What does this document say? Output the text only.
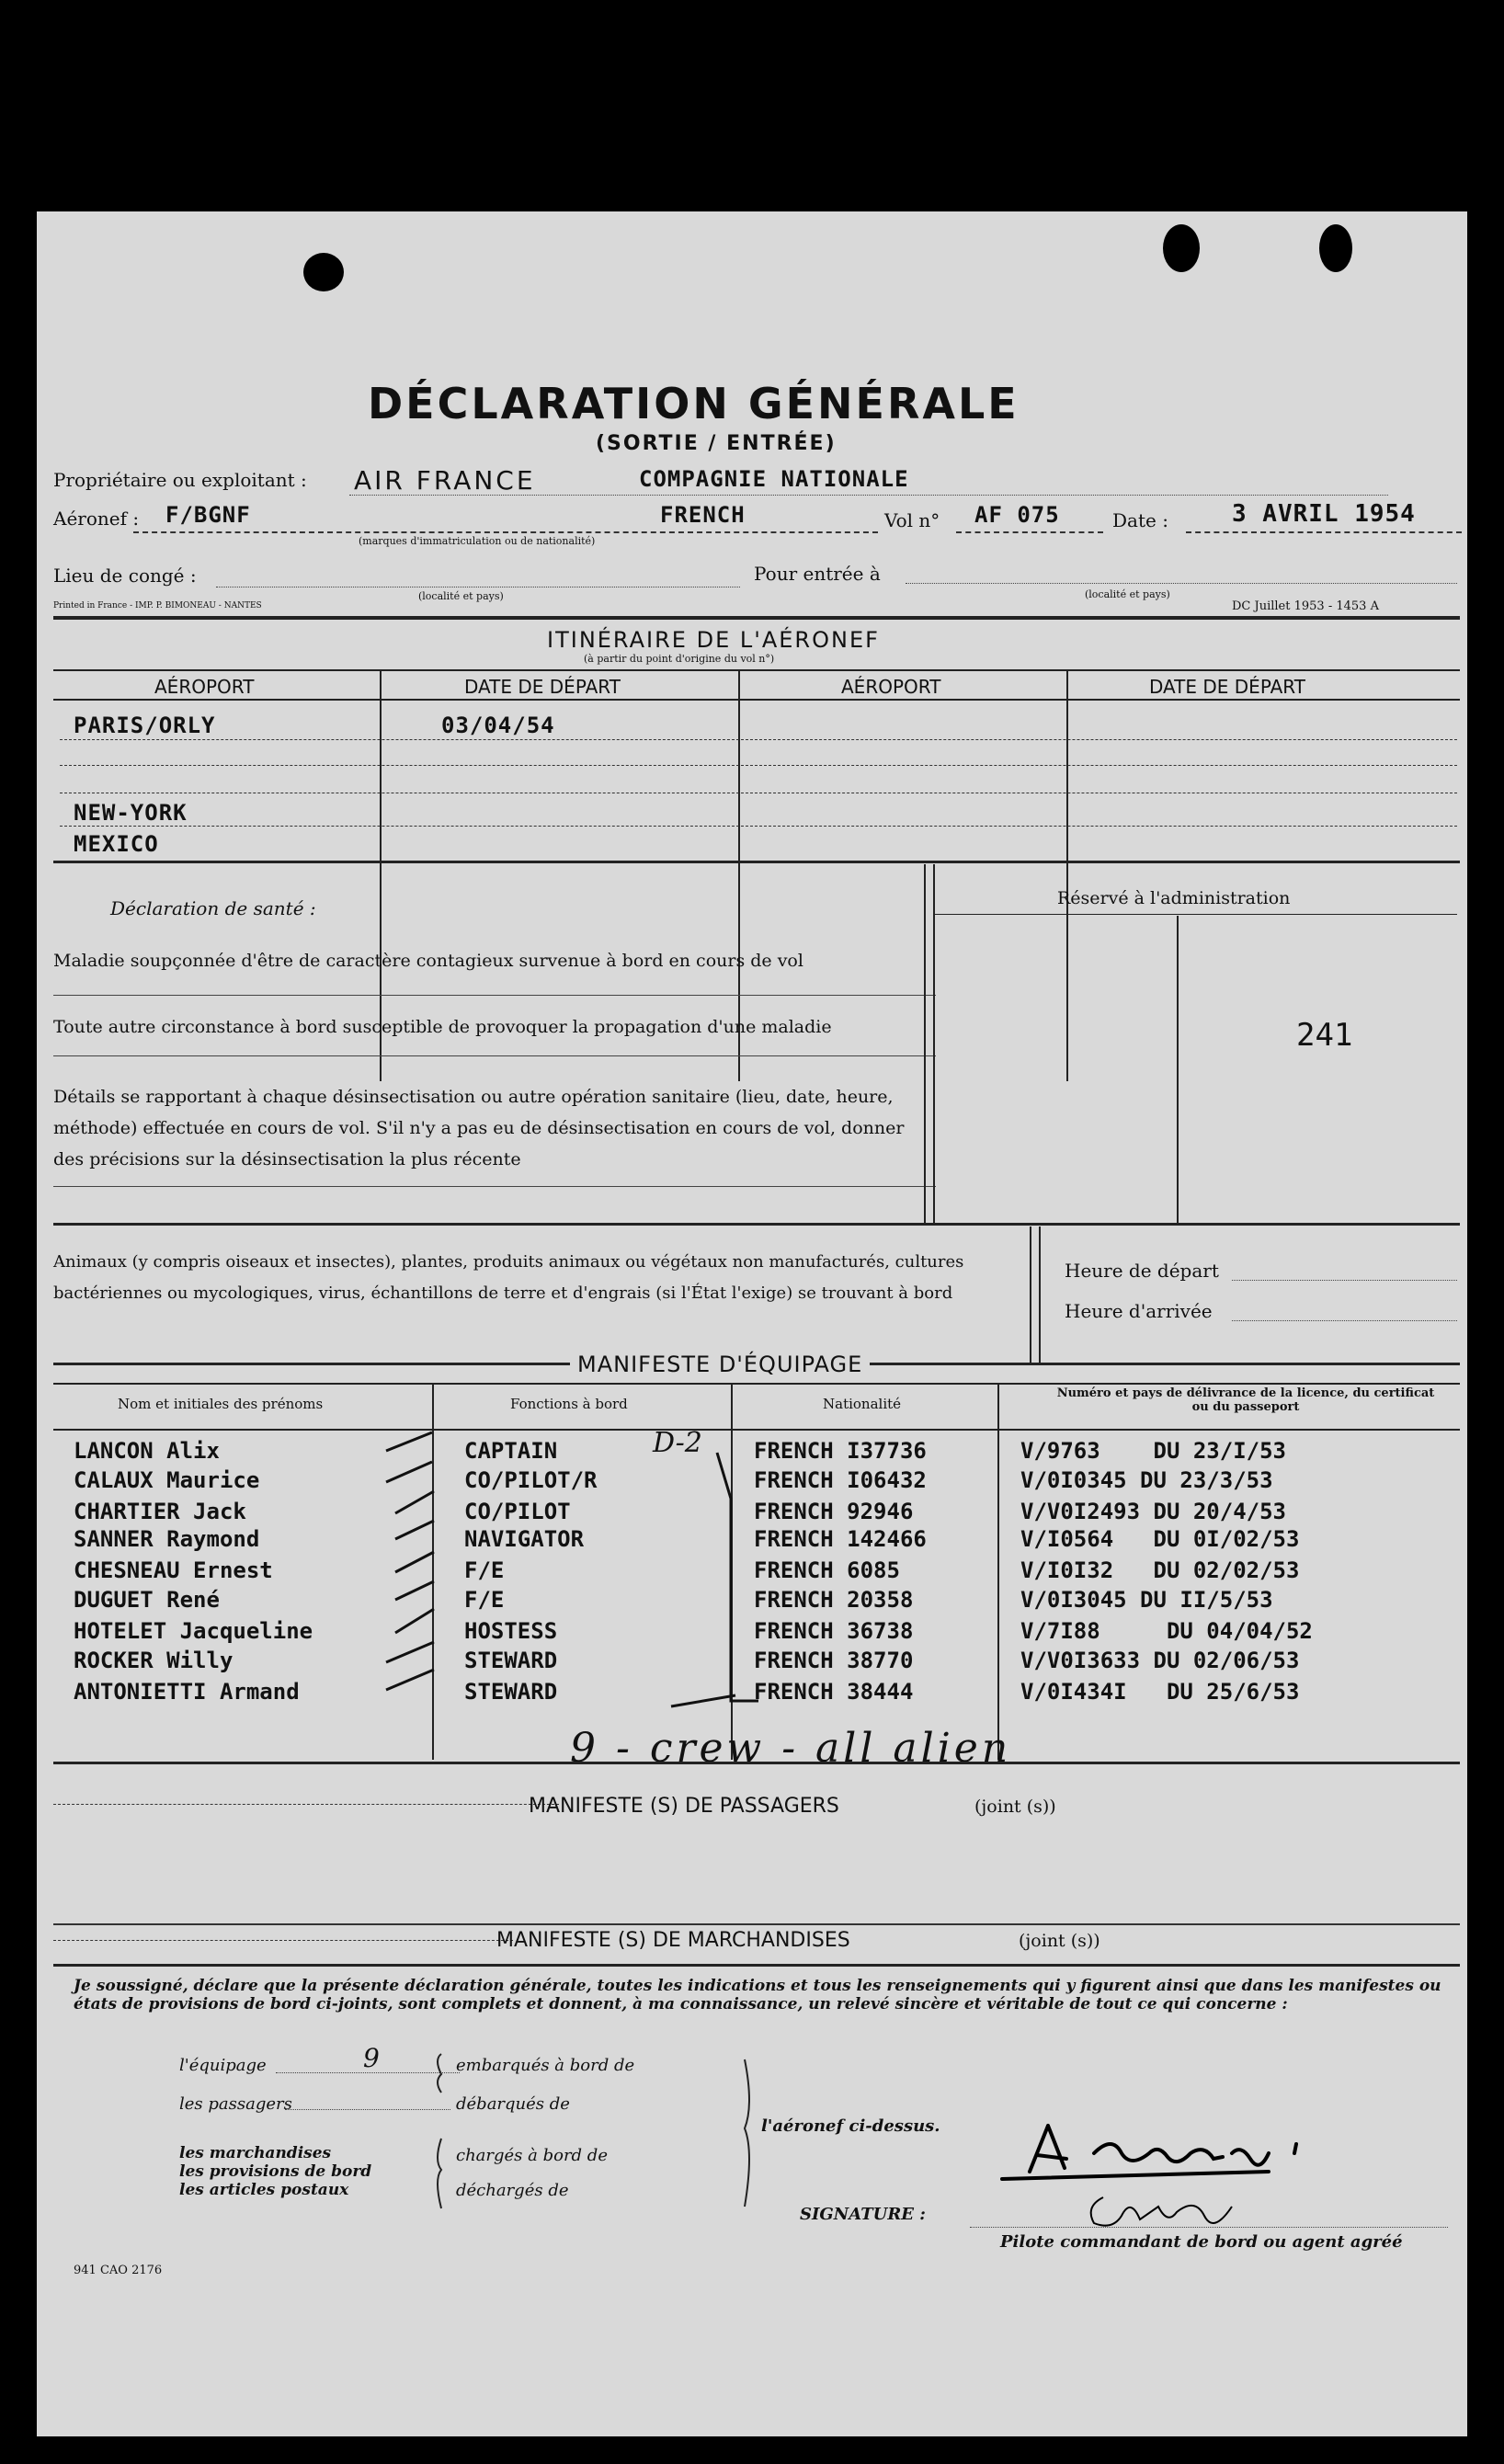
DÉCLARATION GÉNÉRALE
(SORTIE / ENTRÉE)
Propriétaire ou exploitant : AIR FRANCE	COMPAGNIE NATIONALE
Aéronef : F/BGNF	FRENCH
(marques d'immatriculation ou de nationalité)
Vol n° AF 075	Date :	3 AVRIL 1954
Lieu de congé :
(localité et pays)
Pour entrée à
(localité et pays)
Printed in France - IMP. P. BIMONEAU - NANTES	DC Juillet 1953 - 1453 A
ITINÉRAIRE DE L'AÉRONEF
(à partir du point d'origine du vol n°)
AÉROPORT	DATE DE DÉPART	AÉROPORT	DATE DE DÉPART
PARIS/ORLY	03/04/54
NEW-YORK
MEXICO
Déclaration de santé :
Maladie soupçonnée d'être de caractère contagieux survenue à bord en cours de vol
Toute autre circonstance à bord susceptible de provoquer la propagation d'une maladie
Détails se rapportant à chaque désinsectisation ou autre opération sanitaire (lieu, date, heure, méthode) effectuée en cours de vol. S'il n'y a pas eu de désinsectisation en cours de vol, donner des précisions sur la désinsectisation la plus récente
Réservé à l'administration
241
Animaux (y compris oiseaux et insectes), plantes, produits animaux ou végétaux non manufacturés, cultures bactériennes ou mycologiques, virus, échantillons de terre et d'engrais (si l'État l'exige) se trouvant à bord
Heure de départ
Heure d'arrivée
MANIFESTE D'ÉQUIPAGE
Nom et initiales des prénoms	Fonctions à bord	Nationalité
Numéro et pays de délivrance de la licence, du certificat ou du passeport
LANCON Alix	CAPTAIN	FRENCH I37736	V/9763    DU 23/I/53
CALAUX Maurice	CO/PILOT/R	FRENCH I06432	V/0I0345 DU 23/3/53
CHARTIER Jack	CO/PILOT	FRENCH 92946	V/V0I2493 DU 20/4/53
SANNER Raymond	NAVIGATOR	FRENCH 142466	V/I0564   DU 0I/02/53
CHESNEAU Ernest	F/E	FRENCH 6085	V/I0I32   DU 02/02/53
DUGUET René	F/E	FRENCH 20358	V/0I3045 DU II/5/53
HOTELET Jacqueline	HOSTESS	FRENCH 36738	V/7I88     DU 04/04/52
ROCKER Willy	STEWARD	FRENCH 38770	V/V0I3633 DU 02/06/53
ANTONIETTI Armand	STEWARD	FRENCH 38444	V/0I434I   DU 25/6/53
D-2
9 - crew - all alien
MANIFESTE (S) DE PASSAGERS	(joint (s))
MANIFESTE (S) DE MARCHANDISES	(joint (s))
Je soussigné, déclare que la présente déclaration générale, toutes les indications et tous les renseignements qui y figurent ainsi que dans les manifestes ou états de provisions de bord ci-joints, sont complets et donnent, à ma connaissance, un relevé sincère et véritable de tout ce qui concerne :
l'équipage	9	embarqués à bord de
les passagers	débarqués de
les marchandises
les provisions de bord
les articles postaux
chargés à bord de
déchargés de
l'aéronef ci-dessus.
SIGNATURE :
Pilote commandant de bord ou agent agréé
941 CAO 2176
